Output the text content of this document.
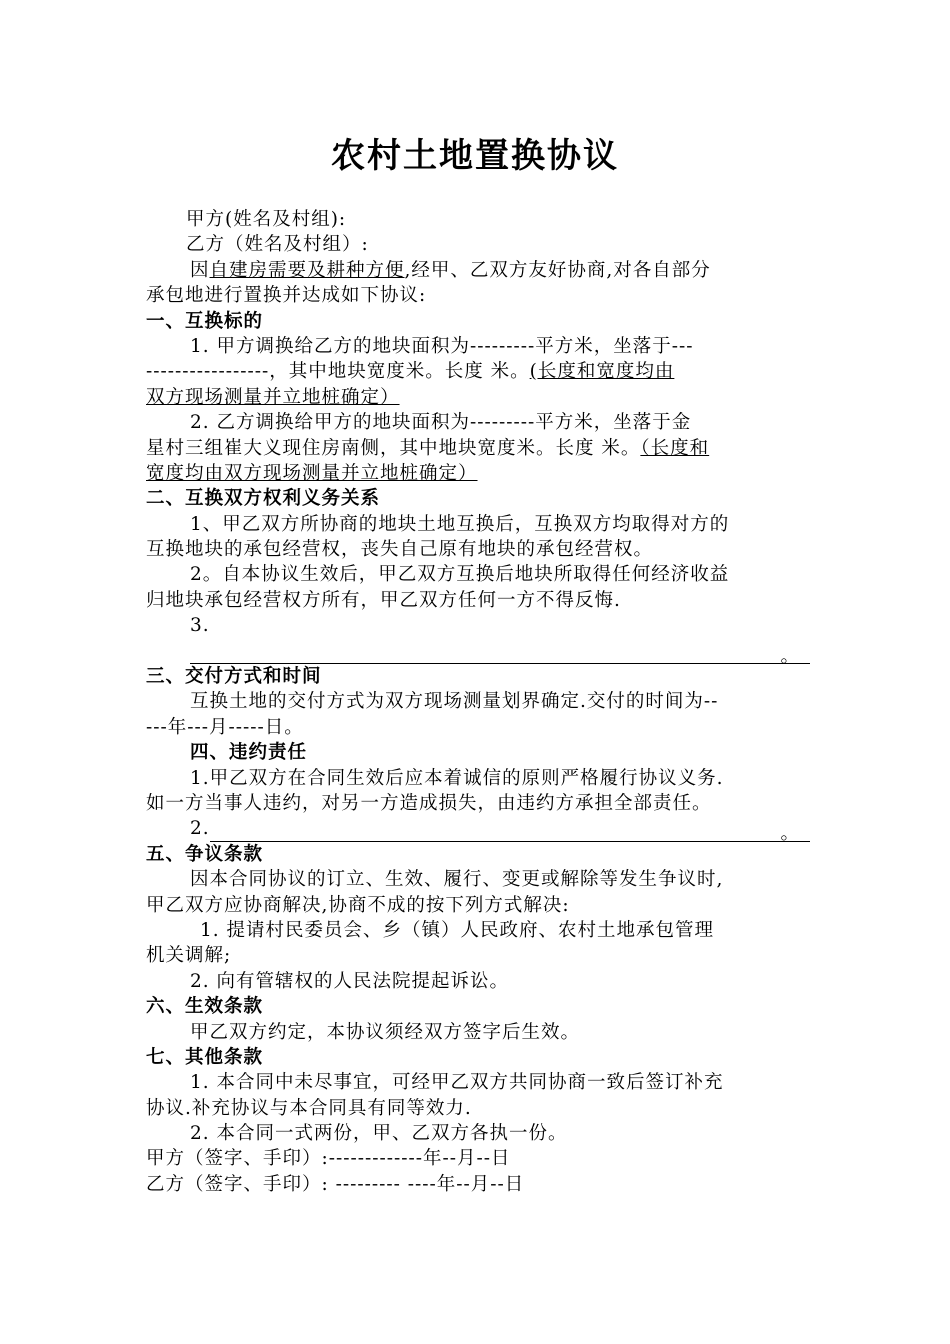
农村土地置换协议
甲方(姓名及村组):
乙方（姓名及村组）:
因自建房需要及耕种方便,经甲、乙双方友好协商,对各自部分
承包地进行置换并达成如下协议:
一、互换标的
1. 甲方调换给乙方的地块面积为---------平方米，坐落于---
-----------------，其中地块宽度米。长度 米。(长度和宽度均由
双方现场测量并立地桩确定）
2. 乙方调换给甲方的地块面积为---------平方米，坐落于金
星村三组崔大义现住房南侧，其中地块宽度米。长度 米。（长度和
宽度均由双方现场测量并立地桩确定）
二、互换双方权利义务关系
1、甲乙双方所协商的地块土地互换后，互换双方均取得对方的
互换地块的承包经营权，丧失自己原有地块的承包经营权。
2。自本协议生效后，甲乙双方互换后地块所取得任何经济收益
归地块承包经营权方所有，甲乙双方任何一方不得反悔.
3.
。
三、交付方式和时间
互换土地的交付方式为双方现场测量划界确定.交付的时间为--
---年---月-----日。
四、违约责任
1.甲乙双方在合同生效后应本着诚信的原则严格履行协议义务.
如一方当事人违约，对另一方造成损失，由违约方承担全部责任。
2.	。
五、争议条款
因本合同协议的订立、生效、履行、变更或解除等发生争议时,
甲乙双方应协商解决,协商不成的按下列方式解决:
1. 提请村民委员会、乡（镇）人民政府、农村土地承包管理
机关调解;
2. 向有管辖权的人民法院提起诉讼。
六、生效条款
甲乙双方约定，本协议须经双方签字后生效。
七、其他条款
1. 本合同中未尽事宜，可经甲乙双方共同协商一致后签订补充
协议.补充协议与本合同具有同等效力.
2. 本合同一式两份，甲、乙双方各执一份。
甲方（签字、手印）:-------------年--月--日
乙方（签字、手印）: --------- ----年--月--日
